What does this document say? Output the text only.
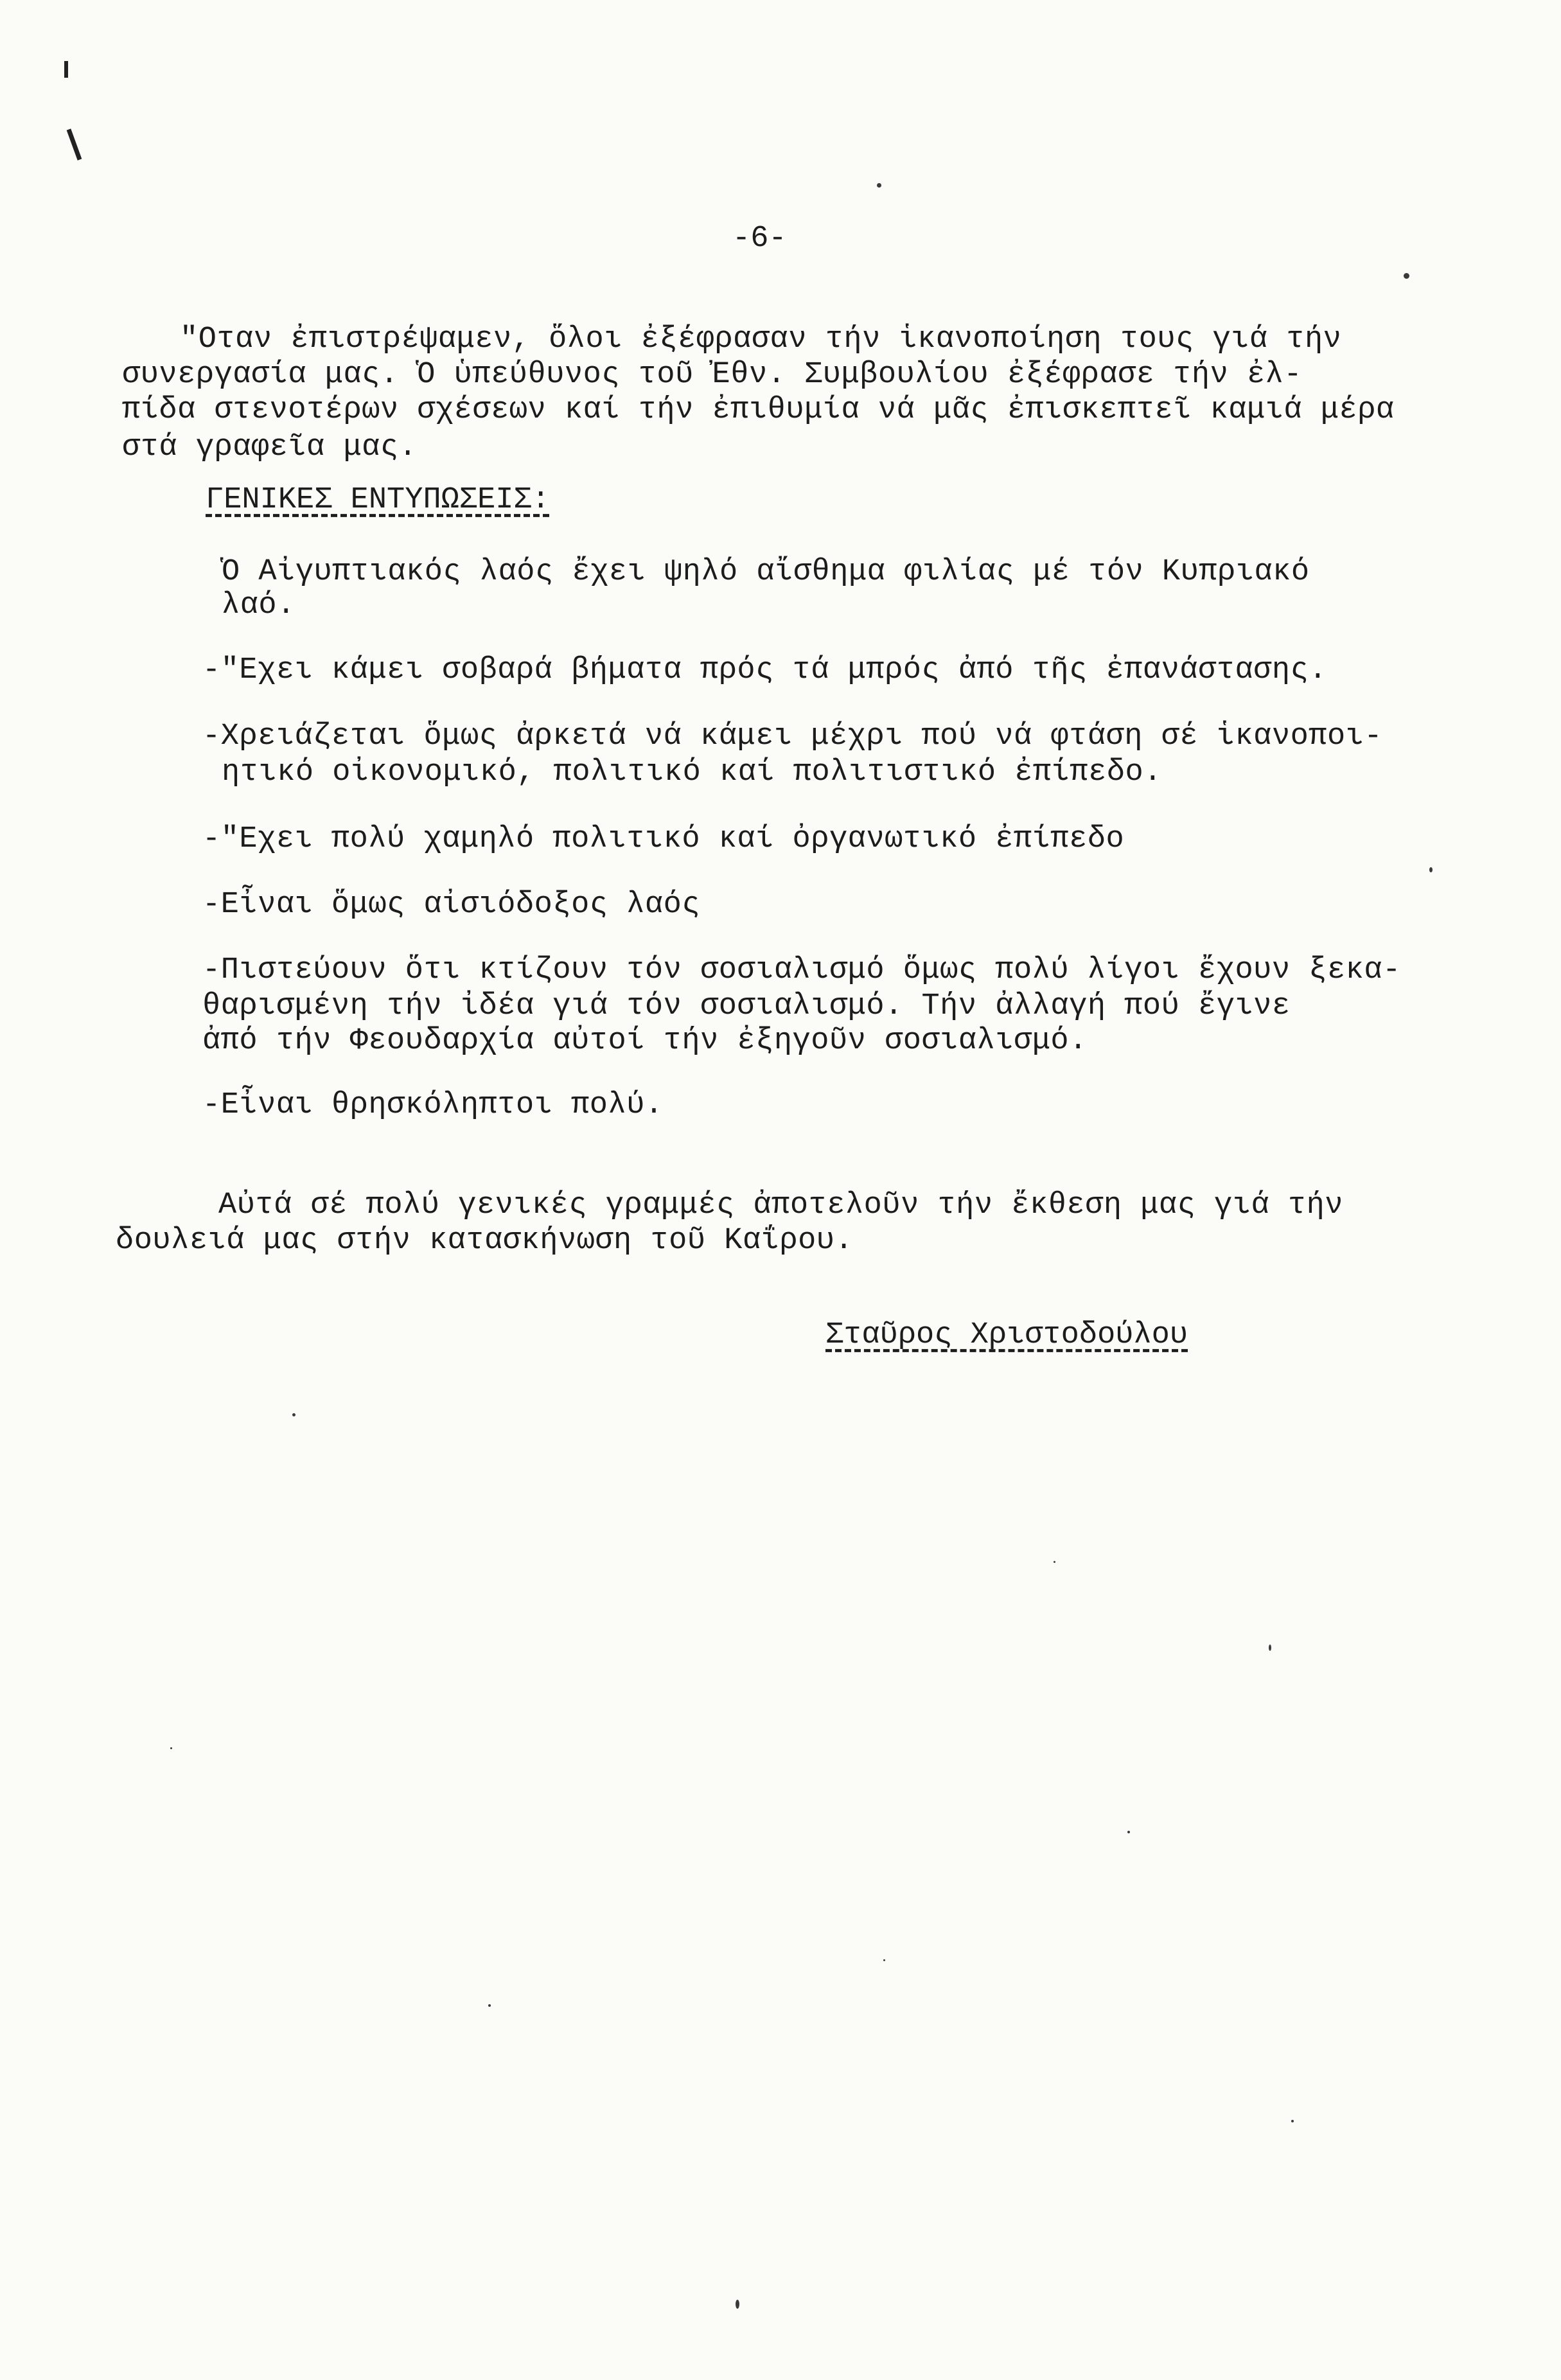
-6-
"Οταν ἐπιστρέψαμεν, ὅλοι ἐξέφρασαν τήν ἱκανοποίηση τους γιά τήν
συνεργασία μας. Ὁ ὑπεύθυνος τοῦ Ἐθν. Συμβουλίου ἐξέφρασε τήν ἐλ-
πίδα στενοτέρων σχέσεων καί τήν ἐπιθυμία νά μᾶς ἐπισκεπτεῖ καμιά μέρα
στά γραφεῖα μας.
ΓΕΝΙΚΕΣ ΕΝΤΥΠΩΣΕΙΣ:
Ὁ Αἰγυπτιακός λαός ἔχει ψηλό αἴσθημα φιλίας μέ τόν Κυπριακό
λαό.
-"Εχει κάμει σοβαρά βήματα πρός τά μπρός ἀπό τῆς ἐπανάστασης.
-Χρειάζεται ὅμως ἀρκετά νά κάμει μέχρι πού νά φτάση σέ ἱκανοποι-
ητικό οἰκονομικό, πολιτικό καί πολιτιστικό ἐπίπεδο.
-"Εχει πολύ χαμηλό πολιτικό καί ὀργανωτικό ἐπίπεδο
-Εἶναι ὅμως αἰσιόδοξος λαός
-Πιστεύουν ὅτι κτίζουν τόν σοσιαλισμό ὅμως πολύ λίγοι ἔχουν ξεκα-
θαρισμένη τήν ἰδέα γιά τόν σοσιαλισμό. Τήν ἀλλαγή πού ἔγινε
ἀπό τήν Φεουδαρχία αὐτοί τήν ἐξηγοῦν σοσιαλισμό.
-Εἶναι θρησκόληπτοι πολύ.
Αὐτά σέ πολύ γενικές γραμμές ἀποτελοῦν τήν ἔκθεση μας γιά τήν
δουλειά μας στήν κατασκήνωση τοῦ Καΐρου.
Σταῦρος Χριστοδούλου
